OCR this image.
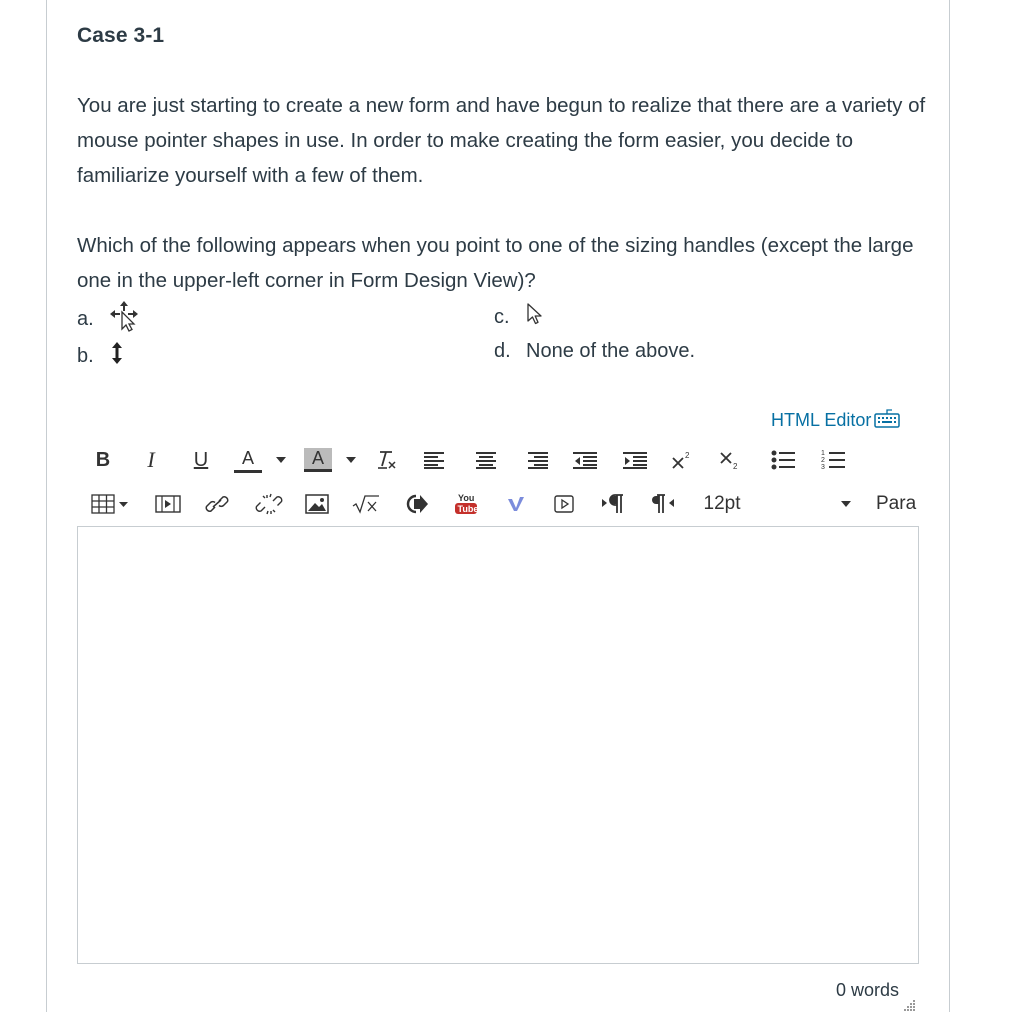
Case 3-1
You are just starting to create a new form and have begun to realize that there are a variety of mouse pointer shapes in use. In order to make creating the form easier, you decide to familiarize yourself with a few of them.
Which of the following appears when you point to one of the sizing handles (except the large one in the upper-left corner in Form Design View)?
a.
b.
c.
d. None of the above.
HTML Editor
B	I	U	A	A	2
2
1
2
3
You
Tube	12pt	Para
0 words
